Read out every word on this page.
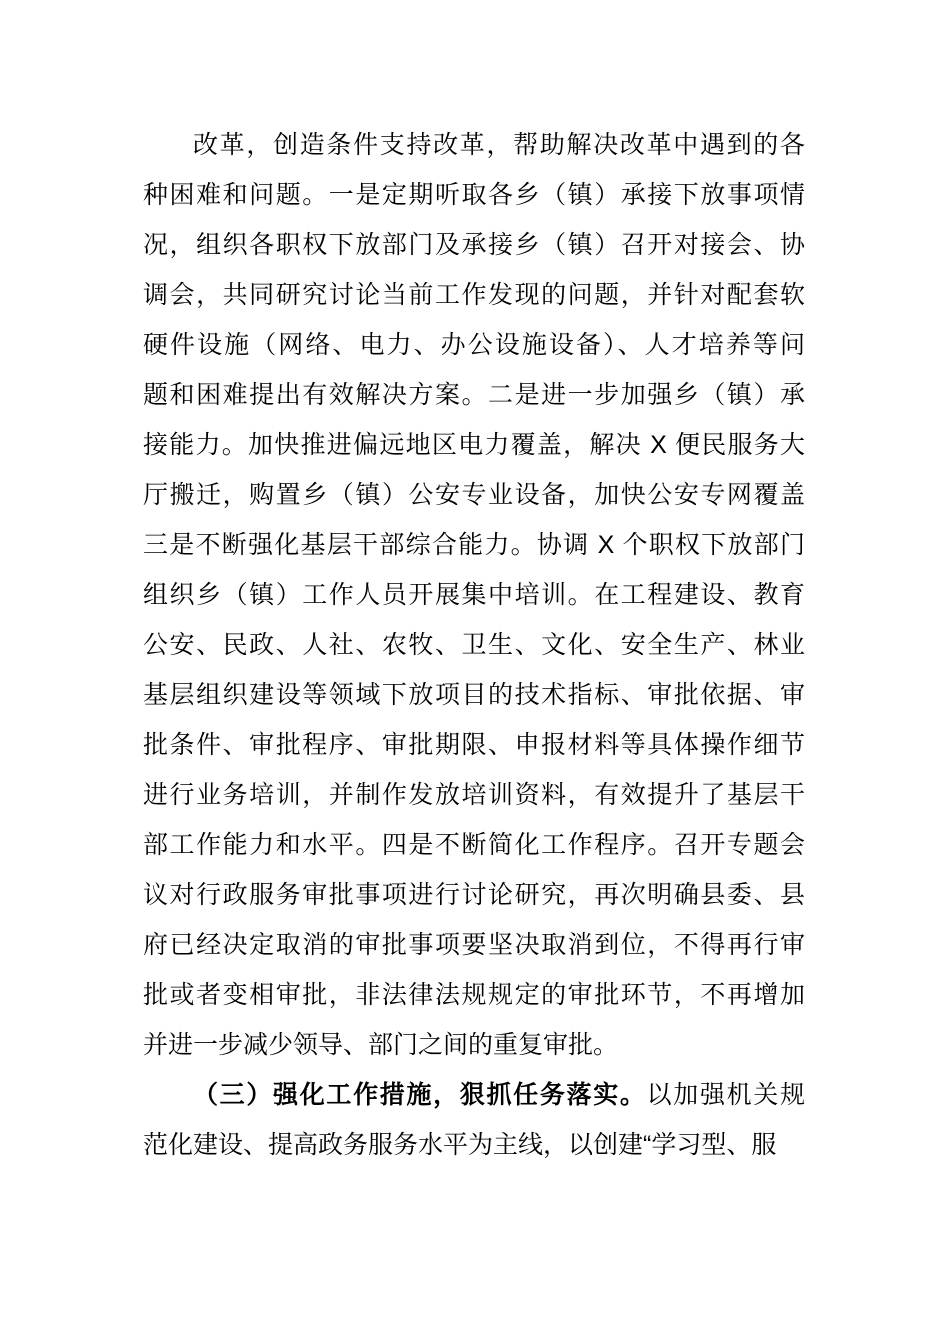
改革，创造条件支持改革，帮助解决改革中遇到的各
种困难和问题。一是定期听取各乡（镇）承接下放事项情
况，组织各职权下放部门及承接乡（镇）召开对接会、协
调会，共同研究讨论当前工作发现的问题，并针对配套软
硬件设施（网络、电力、办公设施设备）、人才培养等问
题和困难提出有效解决方案。二是进一步加强乡（镇）承
接能力。加快推进偏远地区电力覆盖，解决 X 便民服务大
厅搬迁，购置乡（镇）公安专业设备，加快公安专网覆盖
三是不断强化基层干部综合能力。协调 X 个职权下放部门
组织乡（镇）工作人员开展集中培训。在工程建设、教育
公安、民政、人社、农牧、卫生、文化、安全生产、林业
基层组织建设等领域下放项目的技术指标、审批依据、审
批条件、审批程序、审批期限、申报材料等具体操作细节
进行业务培训，并制作发放培训资料，有效提升了基层干
部工作能力和水平。四是不断简化工作程序。召开专题会
议对行政服务审批事项进行讨论研究，再次明确县委、县
府已经决定取消的审批事项要坚决取消到位，不得再行审
批或者变相审批，非法律法规规定的审批环节，不再增加
并进一步减少领导、部门之间的重复审批。
（三）强化工作措施，狠抓任务落实。以加强机关规
范化建设、提高政务服务水平为主线，以创建“学习型、服
